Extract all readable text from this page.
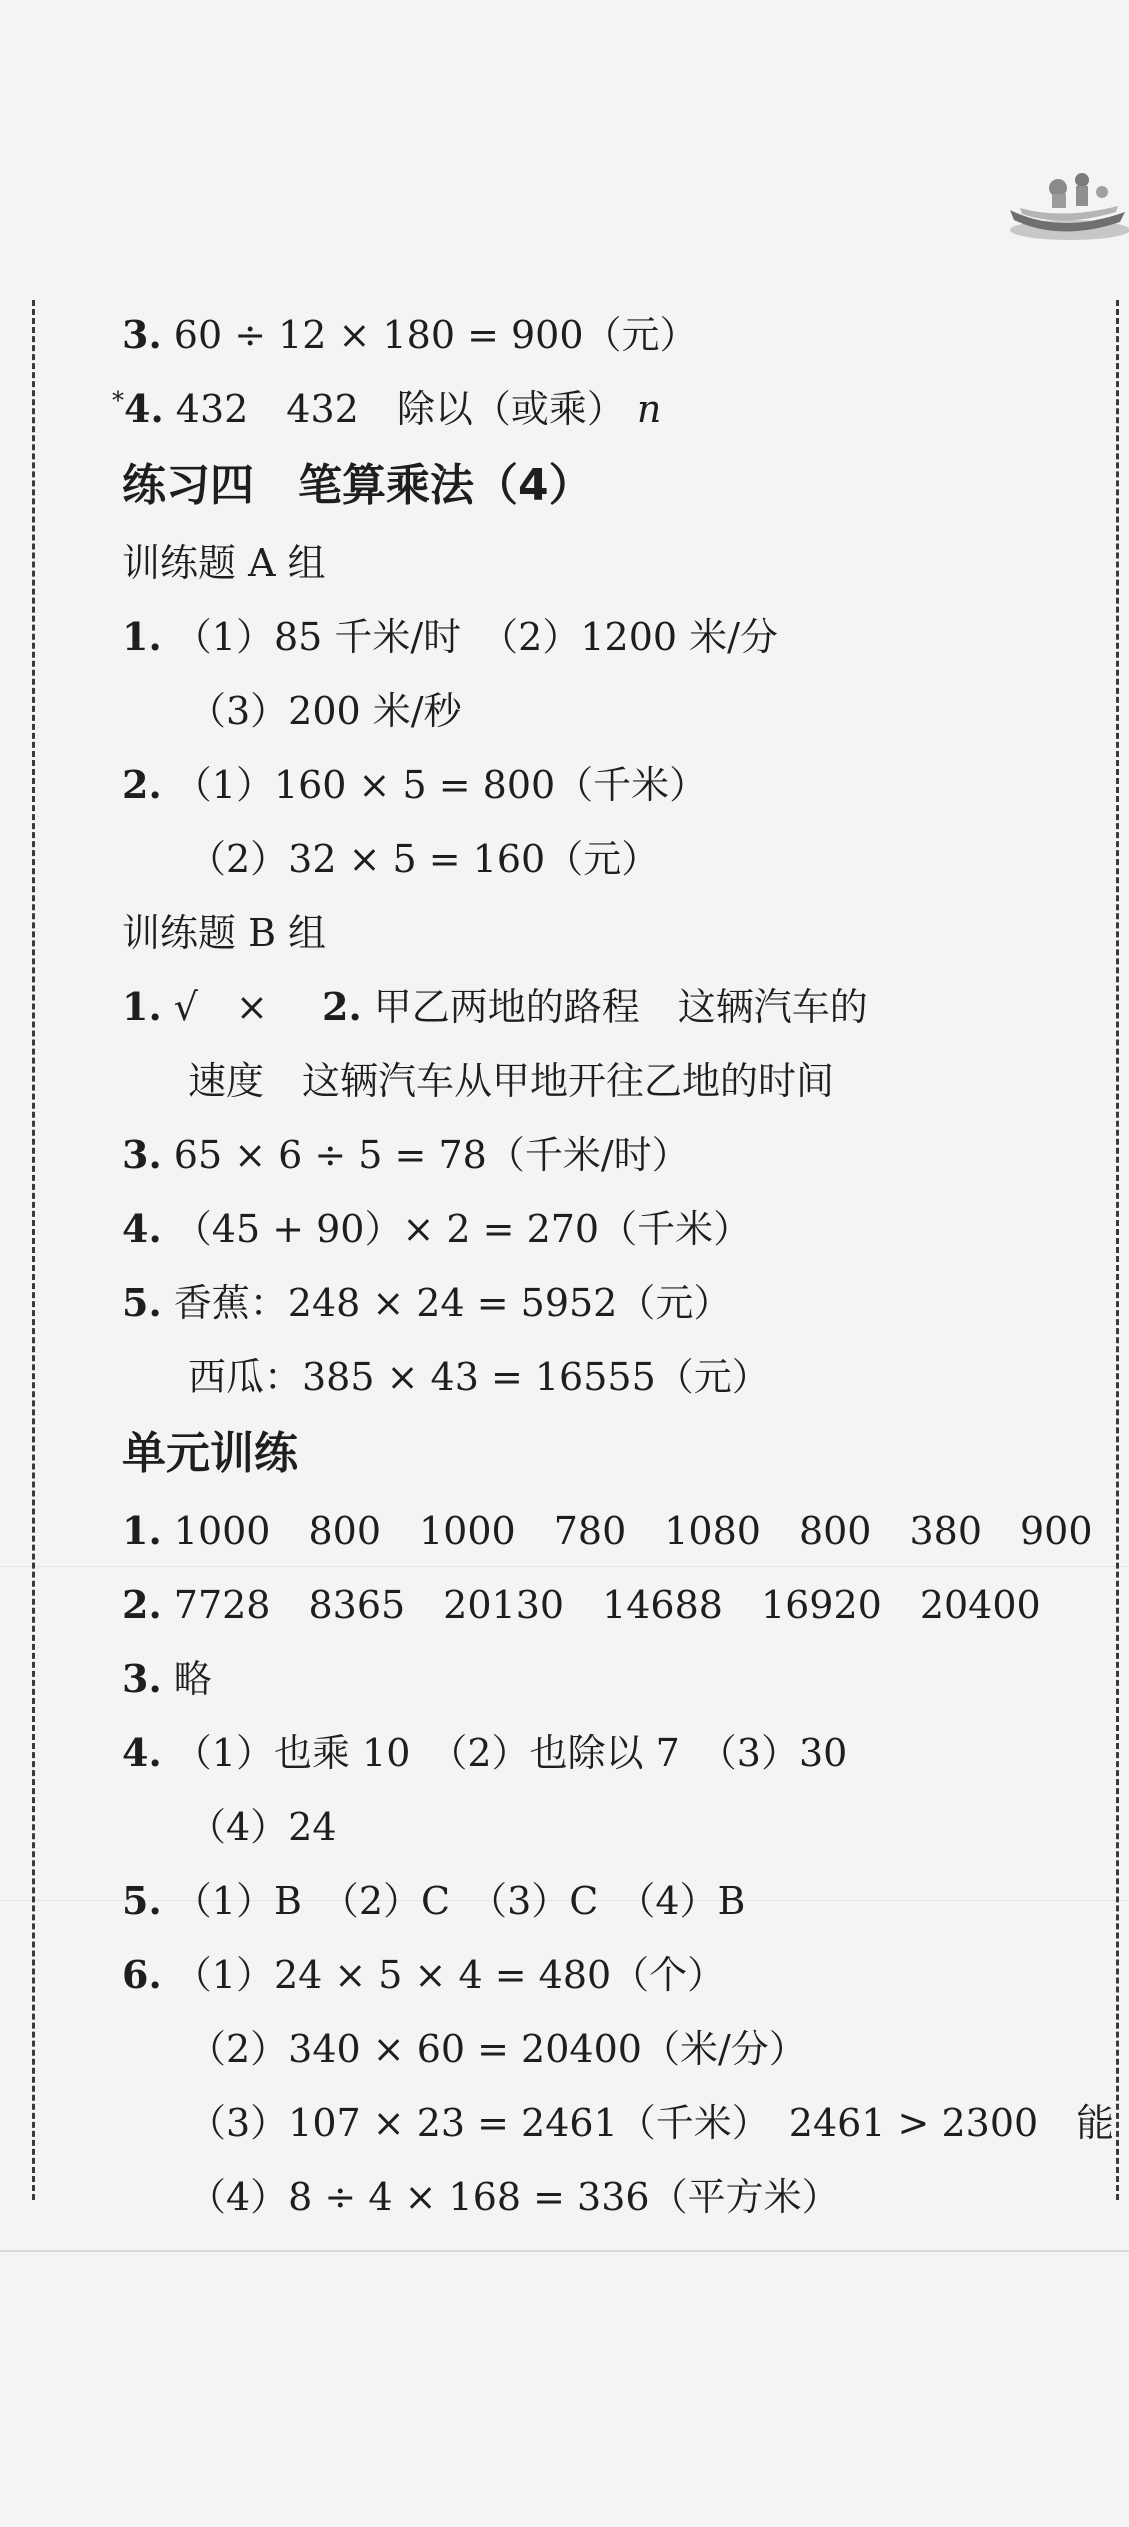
3. 60 ÷ 12 × 180 = 900（元）
*4. 432　432　除以（或乘） n
练习四　笔算乘法（4）
训练题 A 组
1. （1）85 千米/时　（2）1200 米/分
（3）200 米/秒
2. （1）160 × 5 = 800（千米）
（2）32 × 5 = 160（元）
训练题 B 组
1. √　× 2. 甲乙两地的路程　这辆汽车的
速度　这辆汽车从甲地开往乙地的时间
3. 65 × 6 ÷ 5 = 78（千米/时）
4. （45 + 90）× 2 = 270（千米）
5. 香蕉：248 × 24 = 5952（元）
西瓜：385 × 43 = 16555（元）
单元训练
1. 1000　800　1000　780　1080　800　380　900
2. 7728　8365　20130　14688　16920　20400
3. 略
4. （1）也乘 10　（2）也除以 7　（3）30
（4）24
5. （1）B　（2）C　（3）C　（4）B
6. （1）24 × 5 × 4 = 480（个）
（2）340 × 60 = 20400（米/分）
（3）107 × 23 = 2461（千米）　2461 > 2300　能
（4）8 ÷ 4 × 168 = 336（平方米）
